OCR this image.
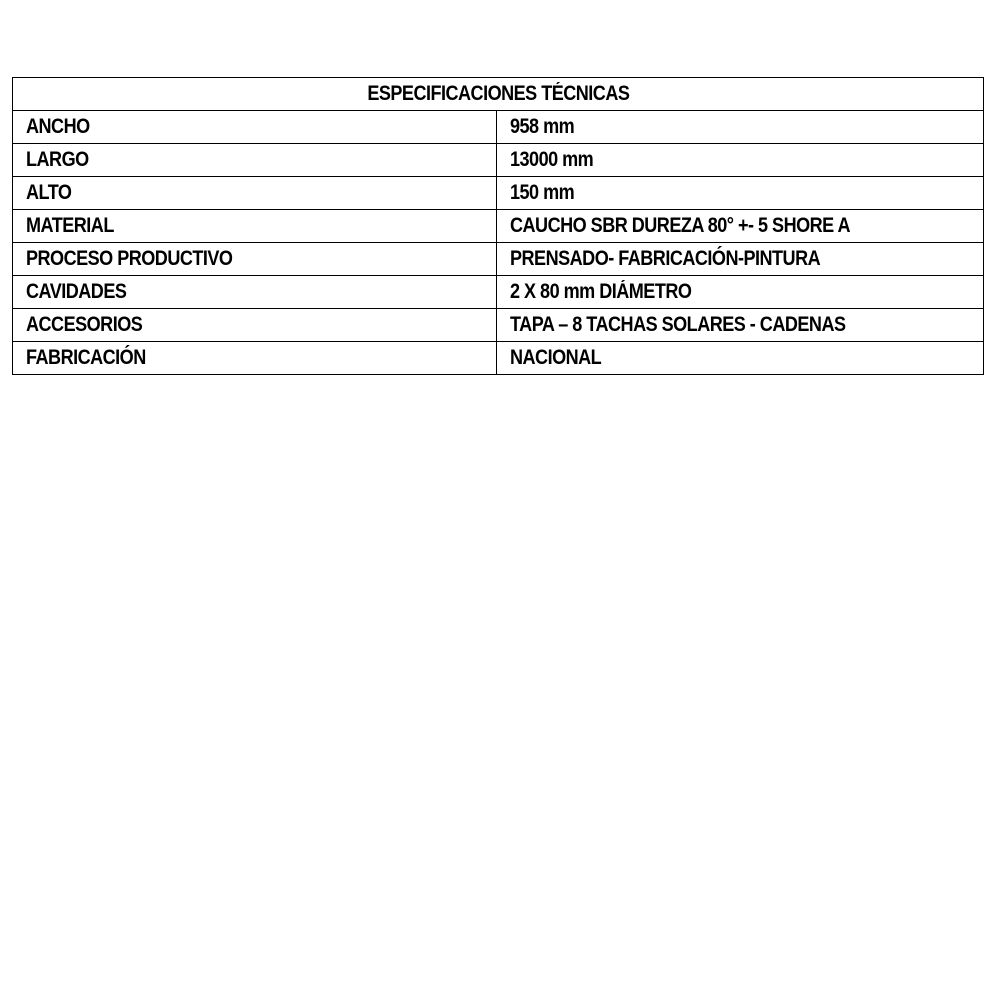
ESPECIFICACIONES TÉCNICAS	
ANCHO	958 mm
LARGO	13000 mm
ALTO	150 mm
MATERIAL	CAUCHO SBR DUREZA 80° +- 5 SHORE A
PROCESO PRODUCTIVO	PRENSADO- FABRICACIÓN-PINTURA
CAVIDADES	2 X 80 mm DIÁMETRO
ACCESORIOS	TAPA – 8 TACHAS SOLARES - CADENAS
FABRICACIÓN	NACIONAL
